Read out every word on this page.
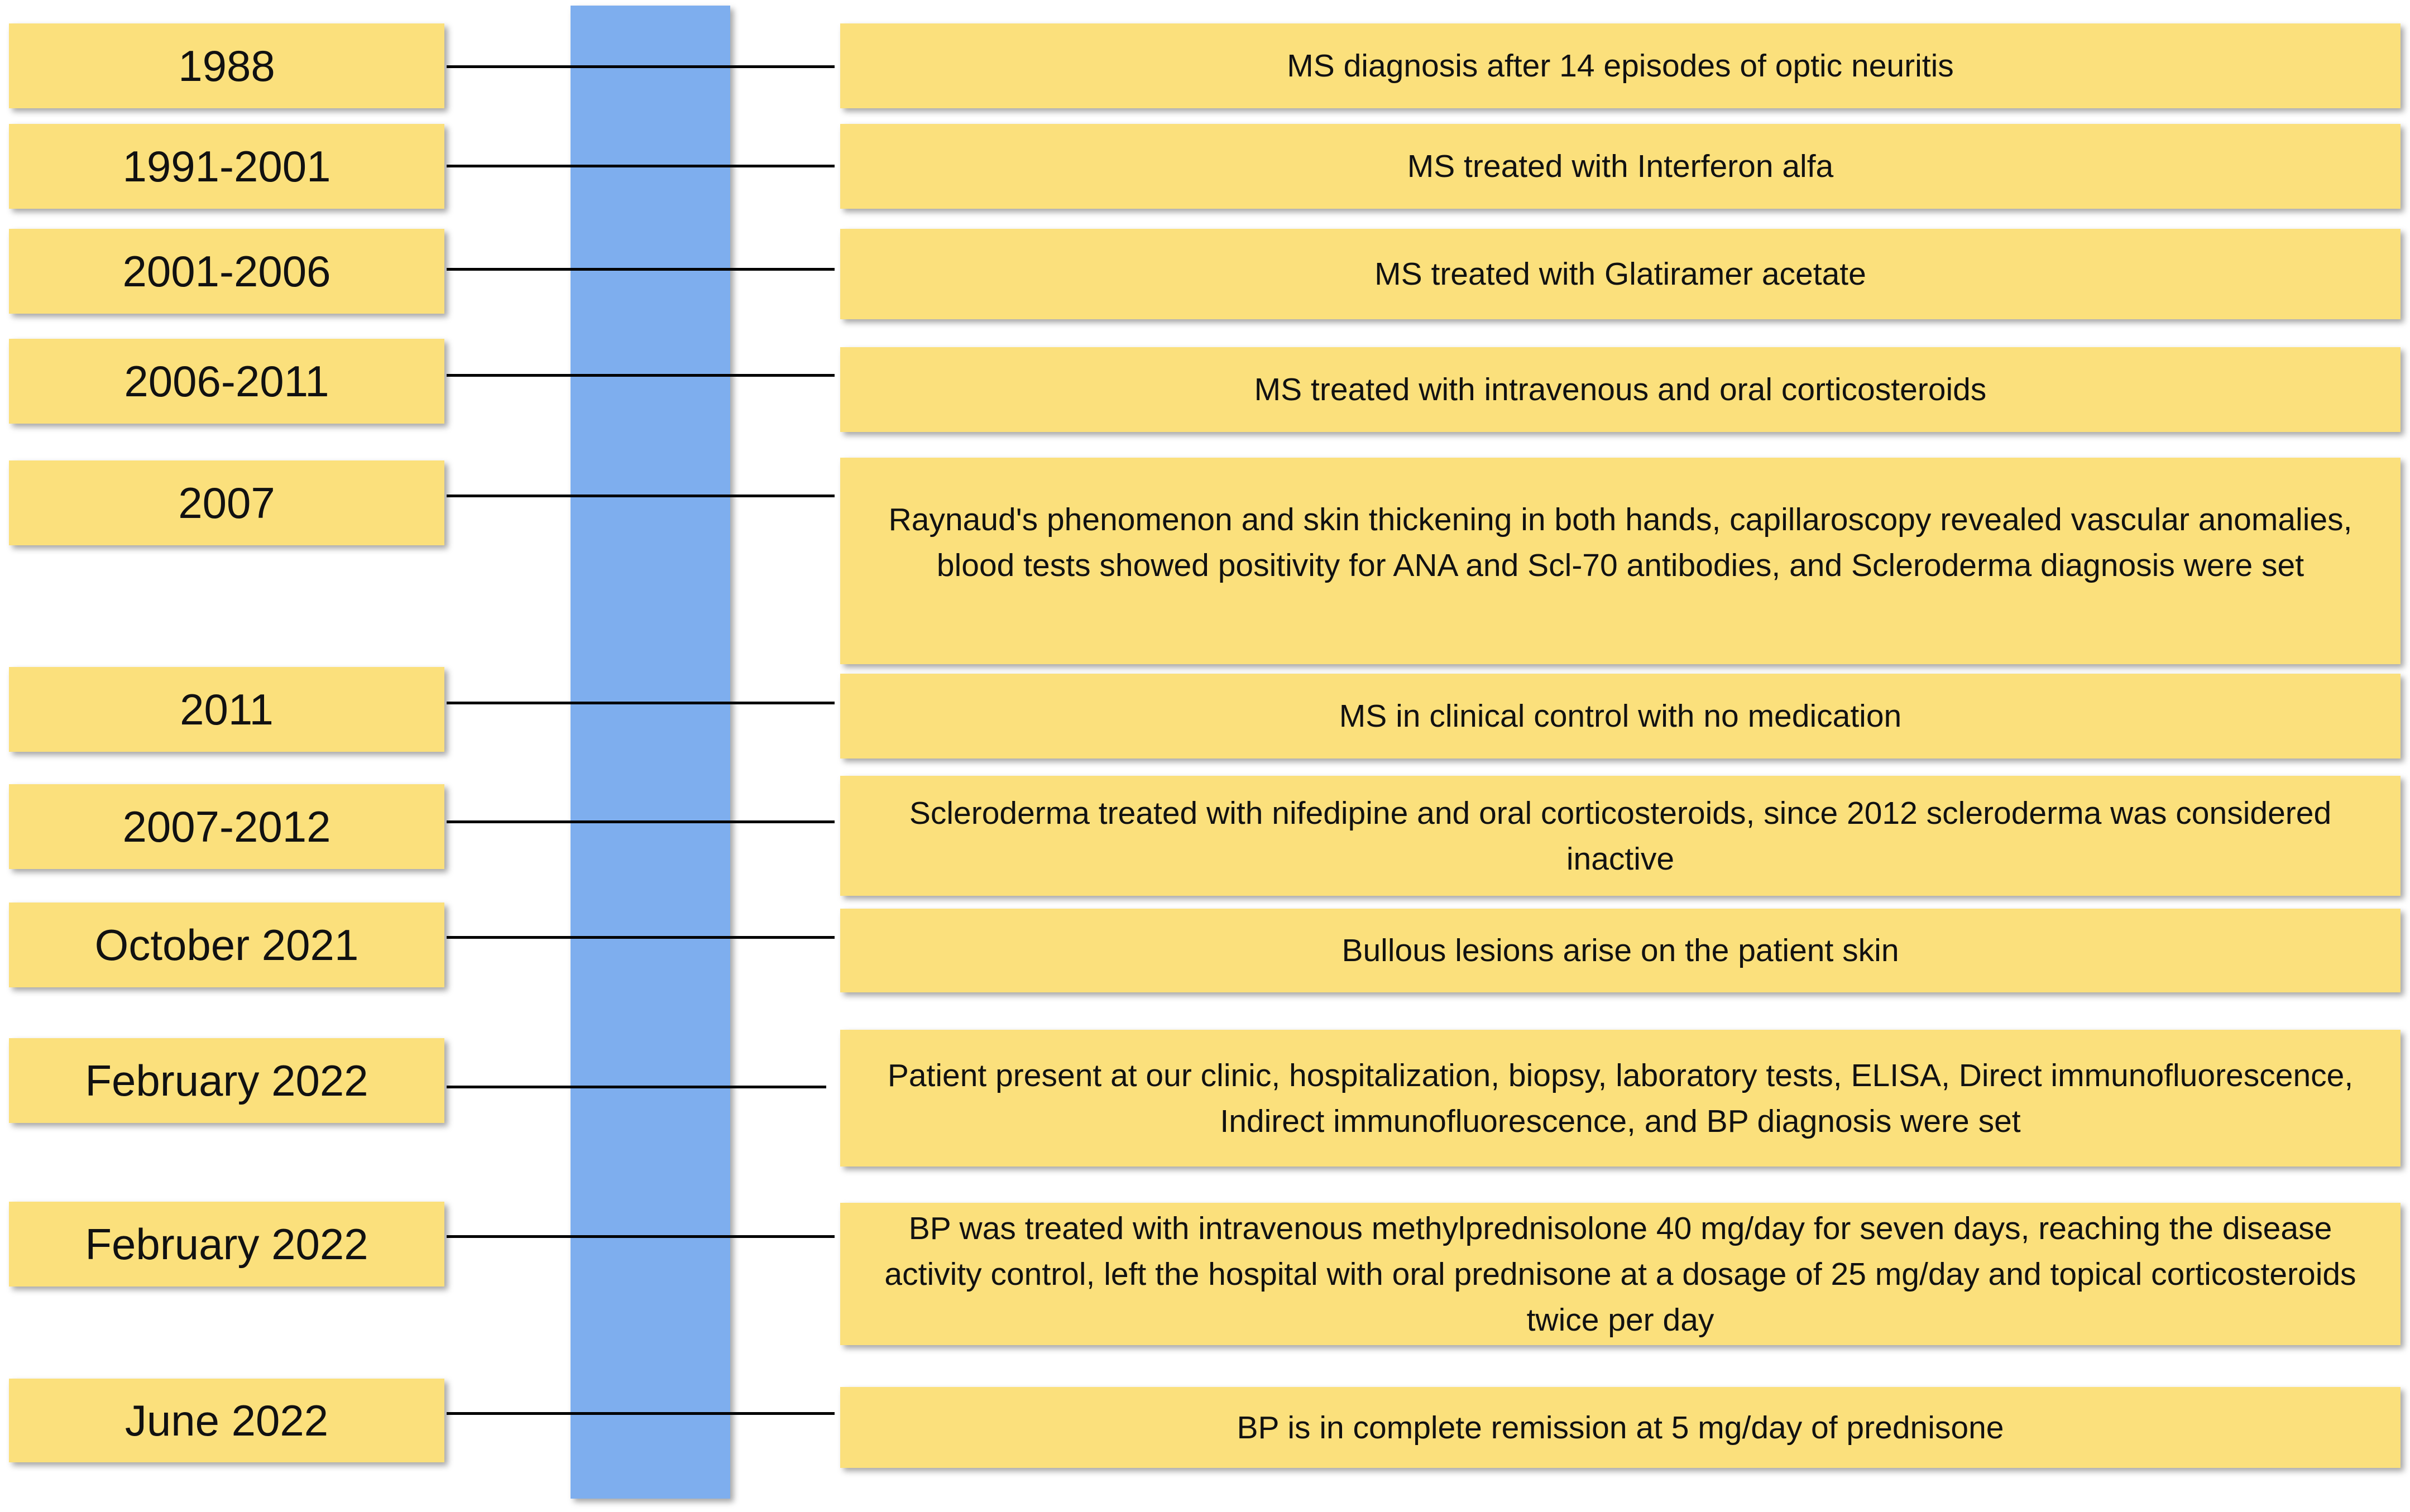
1988	MS diagnosis after 14 episodes of optic neuritis
1991-2001	MS treated with Interferon alfa
2001-2006	MS treated with Glatiramer acetate
2006-2011	MS treated with intravenous and oral corticosteroids
2007	Raynaud's phenomenon and skin thickening in both hands, capillaroscopy revealed vascular anomalies, blood tests showed positivity for ANA and Scl-70 antibodies, and Scleroderma diagnosis were set
2011	MS in clinical control with no medication
2007-2012	Scleroderma treated with nifedipine and oral corticosteroids, since 2012 scleroderma was considered inactive
October 2021	Bullous lesions arise on the patient skin
February 2022	Patient present at our clinic, hospitalization, biopsy, laboratory tests, ELISA, Direct immunofluorescence, Indirect immunofluorescence, and BP diagnosis were set
February 2022	BP was treated with intravenous methylprednisolone 40 mg/day for seven days, reaching the disease activity control, left the hospital with oral prednisone at a dosage of 25 mg/day and topical corticosteroids twice per day
June 2022	BP is in complete remission at 5 mg/day of prednisone
